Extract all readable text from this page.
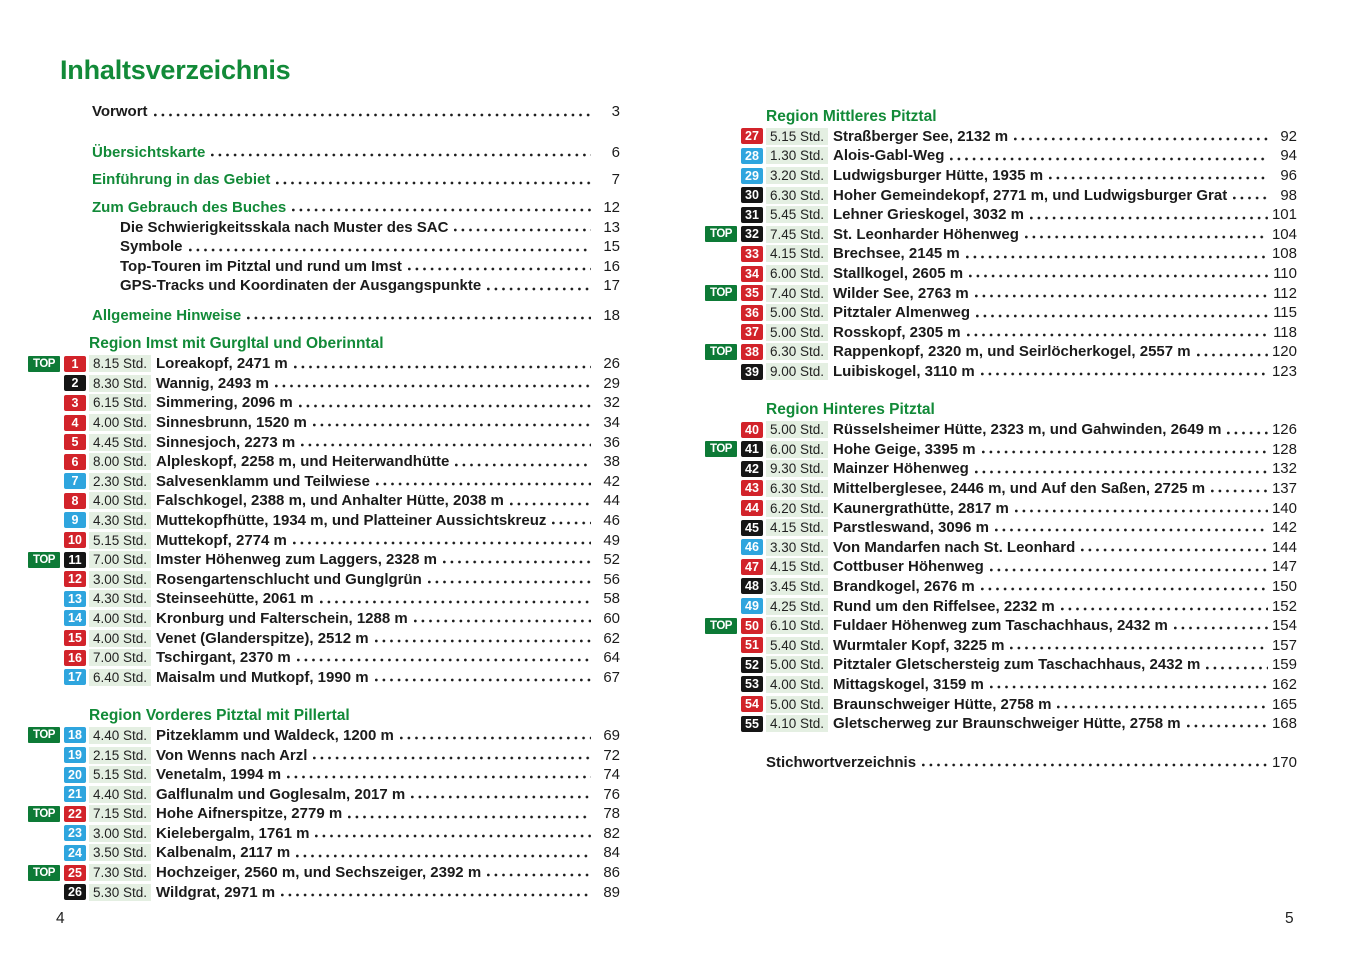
Inhaltsverzeichnis
Vorwort	3
Übersichtskarte	6
Einführung in das Gebiet	7
Zum Gebrauch des Buches	12
Die Schwierigkeitsskala nach Muster des SAC	13
Symbole	15
Top-Touren im Pitztal und rund um Imst	16
GPS-Tracks und Koordinaten der Ausgangspunkte	17
Allgemeine Hinweise	18
Region Imst mit Gurgltal und Oberinntal
TOP	1	8.15 Std. Loreakopf, 2471 m	26
2	8.30 Std. Wannig, 2493 m	29
3	6.15 Std. Simmering, 2096 m	32
4	4.00 Std. Sinnesbrunn, 1520 m	34
5	4.45 Std. Sinnesjoch, 2273 m	36
6	8.00 Std. Alpleskopf, 2258 m, und Heiterwandhütte	38
7	2.30 Std. Salvesenklamm und Teilwiese	42
8	4.00 Std. Falschkogel, 2388 m, und Anhalter Hütte, 2038 m	44
9	4.30 Std. Muttekopfhütte, 1934 m, und Platteiner Aussichtskreuz	46
10 5.15 Std. Muttekopf, 2774 m	49
TOP	11 7.00 Std. Imster Höhenweg zum Laggers, 2328 m	52
12 3.00 Std. Rosengartenschlucht und Gunglgrün	56
13 4.30 Std. Steinseehütte, 2061 m	58
14 4.00 Std. Kronburg und Falterschein, 1288 m	60
15 4.00 Std. Venet (Glanderspitze), 2512 m	62
16 7.00 Std. Tschirgant, 2370 m	64
17 6.40 Std. Maisalm und Mutkopf, 1990 m	67
Region Vorderes Pitztal mit Pillertal
TOP	18 4.40 Std. Pitzeklamm und Waldeck, 1200 m	69
19 2.15 Std. Von Wenns nach Arzl	72
20 5.15 Std. Venetalm, 1994 m	74
21 4.40 Std. Galflunalm und Goglesalm, 2017 m	76
TOP	22 7.15 Std. Hohe Aifnerspitze, 2779 m	78
23 3.00 Std. Kielebergalm, 1761 m	82
24 3.50 Std. Kalbenalm, 2117 m	84
TOP	25 7.30 Std. Hochzeiger, 2560 m, und Sechszeiger, 2392 m	86
26 5.30 Std. Wildgrat, 2971 m	89
Region Mittleres Pitztal
27 5.15 Std. Straßberger See, 2132 m	92
28 1.30 Std. Alois-Gabl-Weg	94
29 3.20 Std. Ludwigsburger Hütte, 1935 m	96
30 6.30 Std. Hoher Gemeindekopf, 2771 m, und Ludwigsburger Grat	98
31 5.45 Std. Lehner Grieskogel, 3032 m	101
TOP	32 7.45 Std. St. Leonharder Höhenweg	104
33 4.15 Std. Brechsee, 2145 m	108
34 6.00 Std. Stallkogel, 2605 m	110
TOP	35 7.40 Std. Wilder See, 2763 m	112
36 5.00 Std. Pitztaler Almenweg	115
37 5.00 Std. Rosskopf, 2305 m	118
TOP	38 6.30 Std. Rappenkopf, 2320 m, und Seirlöcherkogel, 2557 m	120
39 9.00 Std. Luibiskogel, 3110 m	123
Region Hinteres Pitztal
40 5.00 Std. Rüsselsheimer Hütte, 2323 m, und Gahwinden, 2649 m	126
TOP	41 6.00 Std. Hohe Geige, 3395 m	128
42 9.30 Std. Mainzer Höhenweg	132
43 6.30 Std. Mittelberglesee, 2446 m, und Auf den Saßen, 2725 m	137
44 6.20 Std. Kaunergrathütte, 2817 m	140
45 4.15 Std. Parstleswand, 3096 m	142
46 3.30 Std. Von Mandarfen nach St. Leonhard	144
47 4.15 Std. Cottbuser Höhenweg	147
48 3.45 Std. Brandkogel, 2676 m	150
49 4.25 Std. Rund um den Riffelsee, 2232 m	152
TOP	50 6.10 Std. Fuldaer Höhenweg zum Taschachhaus, 2432 m	154
51 5.40 Std. Wurmtaler Kopf, 3225 m	157
52 5.00 Std. Pitztaler Gletschersteig zum Taschachhaus, 2432 m	159
53 4.00 Std. Mittagskogel, 3159 m	162
54 5.00 Std. Braunschweiger Hütte, 2758 m	165
55 4.10 Std. Gletscherweg zur Braunschweiger Hütte, 2758 m	168
Stichwortverzeichnis	170
4	5
